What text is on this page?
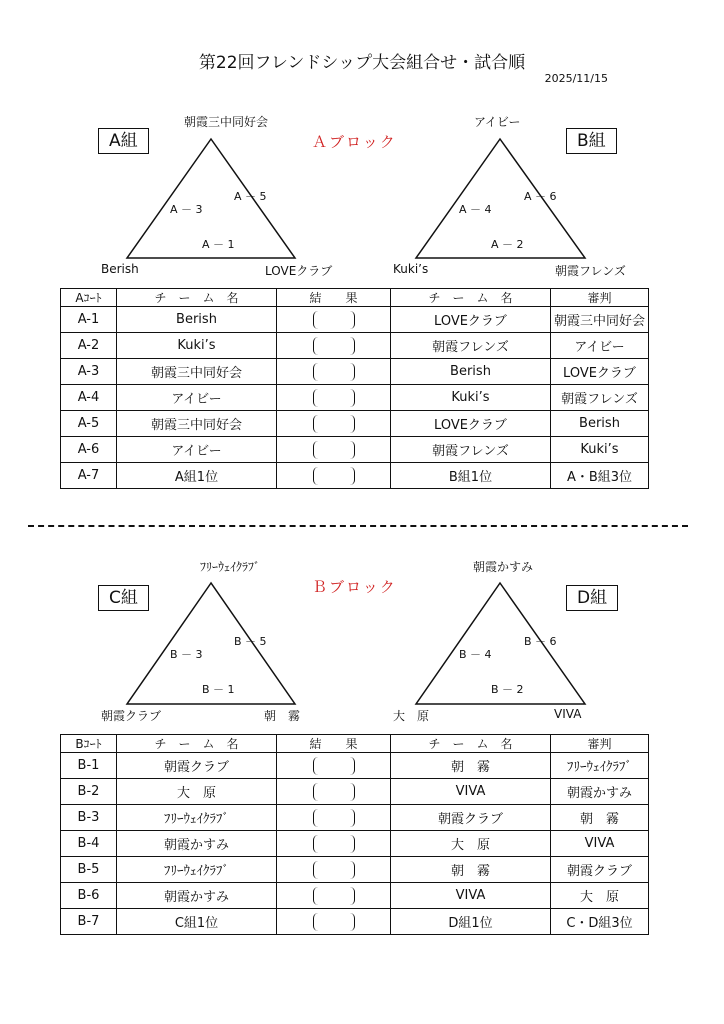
第22回フレンドシップ大会組合せ・試合順
2025/11/15
A組	B組
Ａブロック
朝霞三中同好会
Berish	LOVEクラブ
A － 3
A － 5
A － 1
アイビー
Kuki’s	朝霞フレンズ
A － 4
A － 6
A － 2
Aｺｰﾄ	チ　ー　ム　名	結　　果	チ　ー　ム　名	審判
A-1	Berish		LOVEクラブ	朝霞三中同好会
A-2	Kuki’s		朝霞フレンズ	アイビー
A-3	朝霞三中同好会		Berish	LOVEクラブ
A-4	アイビー		Kuki’s	朝霞フレンズ
A-5	朝霞三中同好会		LOVEクラブ	Berish
A-6	アイビー		朝霞フレンズ	Kuki’s
A-7	A組1位		B組1位	A・B組3位
C組	D組
Ｂブロック
ﾌﾘｰｳｪｲｸﾗﾌﾞ
朝霞クラブ	朝　霧
B － 3
B － 5
B － 1
朝霞かすみ
大　原	VIVA
B － 4
B － 6
B － 2
Bｺｰﾄ	チ　ー　ム　名	結　　果	チ　ー　ム　名	審判
B-1	朝霞クラブ		朝　霧	ﾌﾘｰｳｪｲｸﾗﾌﾞ
B-2	大　原		VIVA	朝霞かすみ
B-3	ﾌﾘｰｳｪｲｸﾗﾌﾞ		朝霞クラブ	朝　霧
B-4	朝霞かすみ		大　原	VIVA
B-5	ﾌﾘｰｳｪｲｸﾗﾌﾞ		朝　霧	朝霞クラブ
B-6	朝霞かすみ		VIVA	大　原
B-7	C組1位		D組1位	C・D組3位
